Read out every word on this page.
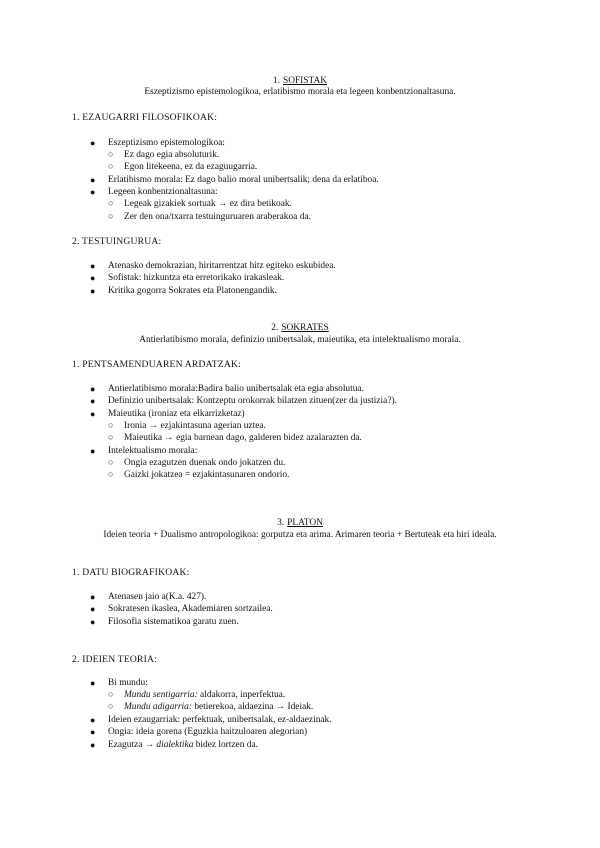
1. SOFISTAK
Eszeptizismo epistemologikoa, erlatibismo morala eta legeen konbentzionaltasuna.
1. EZAUGARRI FILOSOFIKOAK:
● Eszeptizismo epistemologikoa:
○ Ez dago egia absoluturik.
○ Egon litekeena, ez da ezaguugarria.
● Erlatibismo morala: Ez dago balio moral unibertsalik; dena da erlatiboa.
● Legeen konbentzionaltasuna:
○ Legeak gizakiek sortuak → ez dira betikoak.
○ Zer den ona/txarra testuinguruaren araberakoa da.
2. TESTUINGURUA:
● Atenasko demokrazian, hiritarrentzat hitz egiteko eskubidea.
● Sofistak: hizkuntza eta erretorikako irakasleak.
● Kritika gogorra Sokrates eta Platonengandik.
2. SOKRATES
Antierlatibismo morala, definizio unibertsalak, maieutika, eta intelektualismo morala.
1. PENTSAMENDUAREN ARDATZAK:
● Antierlatibismo morala:Badira balio unibertsalak eta egia absolutua.
● Definizio unibertsalak: Kontzeptu orokorrak bilatzen zituen(zer da justizia?).
● Maieutika (ironiaz eta elkarrizketaz)
○ Ironia → ezjakintasuna agerian uztea.
○ Maieutika → egia barnean dago, galderen bidez azalarazten da.
● Intelektualismo morala:
○ Ongia ezagutzen duenak ondo jokatzen du.
○ Gaizki jokatzea = ezjakintasunaren ondorio.
3. PLATON
Ideien teoria + Dualismo antropologikoa: gorputza eta arima. Arimaren teoria + Bertuteak eta hiri ideala.
1. DATU BIOGRAFIKOAK:
● Atenasen jaio a(K.a. 427).
● Sokratesen ikaslea, Akademiaren sortzailea.
● Filosofia sistematikoa garatu zuen.
2. IDEIEN TEORIA:
● Bi mundu:
○ Mundu sentigarria: aldakorra, inperfektua.
○ Mundu adigarria: betierekoa, aldaezina → Ideiak.
● Ideien ezaugarriak: perfektuak, unibertsalak, ez-aldaezinak.
● Ongia: ideia gorena (Eguzkia haitzuloaren alegorian)
● Ezagutza → dialektika bidez lortzen da.
